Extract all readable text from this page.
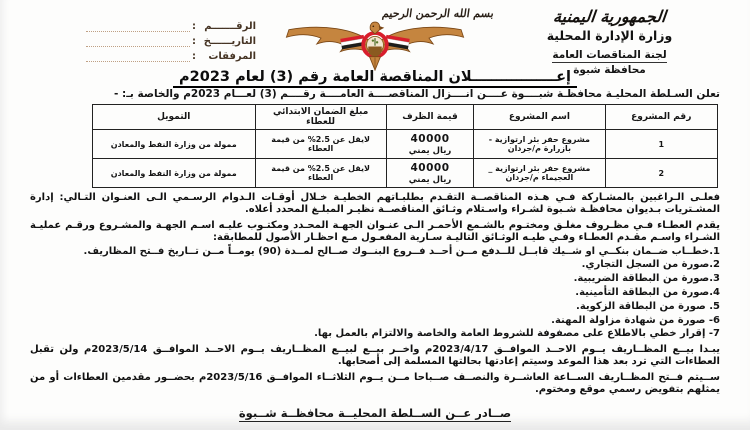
الرقـــــــم
:
التاريــــــخ
:
المرفقات
:
بسم الله الرحمن الرحيم	الجمهورية اليمنية
وزارة الإدارة المحلية
لجنة المناقصات العامة
محافظة شبوة
إعـــــــــــــــــلان المناقصة العامة رقم (3) لعام 2023م

تعلن السـلطة المحليـة محافظـة شبــــوة عــــن انــــزال المناقصــــة العامــــة رقــــم (3) لعـــام 2023م والخاصة بـ: -

رقم المشروع	اسم المشروع	قيمة الظرف	مبلغ الضمان الابتدائي للعطاء	التمويل
1	مشروع حفر بئر ارتوازية - بازرارة م/جردان	40000
ريال يمني	لايقل عن 2.5% من قيمة العطاء	ممولة من وزارة النفط والمعادن
2	مشروع حفر بئر ارتوازية _ العجيماء م/جردان	40000
ريال يمني	لايقل عن 2.5% من قيمة العطاء	ممولة من وزارة النفط والمعادن

فعلـى الـراغبين بالمشـاركة فـي هـذه المناقصــة التقـدم بطلبـاتهم الخطيـة خـلال أوقـات الـدوام الرسـمي الـى العنـوان التـالي: إدارة المشـتريات بـديوان محافظـة شـبوة لشـراء واسـتلام وثـائق المناقصــة نظيـر المبلـغ المحدد أعلاه.

يقدم العطـاء فـي مظـروف مغلـق ومختـوم بالشـمع الأحمـر الـى عنـوان الجهـة المحـدد ومكتـوب عليـه اسـم الجهـة والمشـروع ورقـم عمليـة الشـراء واسـم مقـدم العطـاء وفـي طيـه الوثـائق التاليـة سـارية المفعـول مـع احظـار الأصول للمطابقة:

1.خطــاب ضــمان بنكــي او شــيك قابــل للــدفع مــن أحــد فــروع البنــوك صــالح لمــدة (90) يومــاً مــن تــاريخ فــتح المظاريف.

2.صورة من السجل التجاري.

3.صورة من البطاقة الضريبية.

4.صورة من البطاقة التأمينية.

5. صورة من البطاقة الزكوية.

6- صورة من شهادة مزاولة المهنة.

7- إقرار خطي بالاطلاع على مصفوفة للشروط العامة والخاصة والالتزام بالعمل بها.

يبـدا بيــع المظــاريف يــوم الاحــد الموافــق 2023/4/17م واخــر بيــع لبيــع المظــاريف يــوم الاحــد الموافــق 2023/5/14م ولن تقبل العطاءات التي ترد بعد هذا الموعد وسيتم إعادتها بحالتها المسلمة إلى أصحابها.

ســيتم فــتح المظــاريف الســاعة العاشــرة والنصــف صــباحا مــن يــوم الثلاثــاء الموافــق 2023/5/16م بحضــور مقدمين العطاءات أو من يمثلهم بتفويض رسمي موقع ومختوم.

صــادر عــن الســلطة المحليــة محافظــة شــبوة
